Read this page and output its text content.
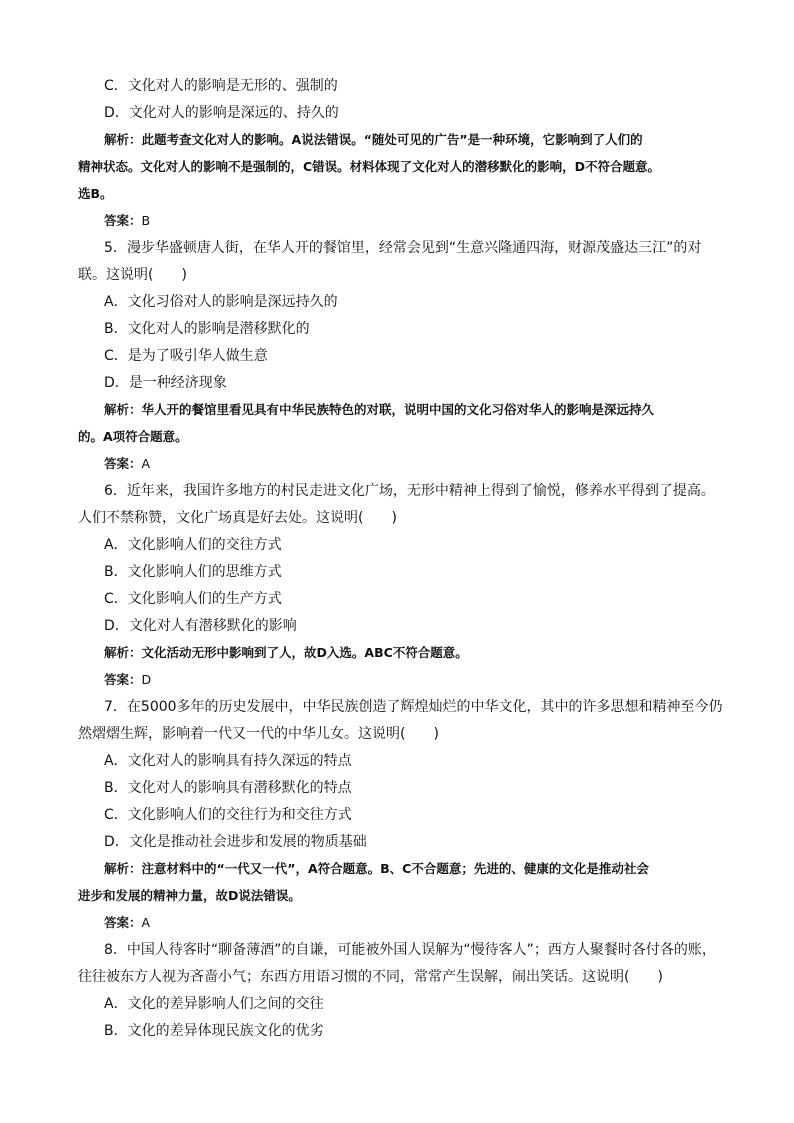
C．文化对人的影响是无形的、强制的
D．文化对人的影响是深远的、持久的
解析：此题考查文化对人的影响。A说法错误。“随处可见的广告”是一种环境，它影响到了人们的
精神状态。文化对人的影响不是强制的，C错误。材料体现了文化对人的潜移默化的影响，D不符合题意。
选B。
答案：B
5．漫步华盛顿唐人街，在华人开的餐馆里，经常会见到“生意兴隆通四海，财源茂盛达三江”的对
联。这说明(　　)
A．文化习俗对人的影响是深远持久的
B．文化对人的影响是潜移默化的
C．是为了吸引华人做生意
D．是一种经济现象
解析：华人开的餐馆里看见具有中华民族特色的对联，说明中国的文化习俗对华人的影响是深远持久
的。A项符合题意。
答案：A
6．近年来，我国许多地方的村民走进文化广场，无形中精神上得到了愉悦，修养水平得到了提高。
人们不禁称赞，文化广场真是好去处。这说明(　　)
A．文化影响人们的交往方式
B．文化影响人们的思维方式
C．文化影响人们的生产方式
D．文化对人有潜移默化的影响
解析：文化活动无形中影响到了人，故D入选。ABC不符合题意。
答案：D
7．在5000多年的历史发展中，中华民族创造了辉煌灿烂的中华文化，其中的许多思想和精神至今仍
然熠熠生辉，影响着一代又一代的中华儿女。这说明(　　)
A．文化对人的影响具有持久深远的特点
B．文化对人的影响具有潜移默化的特点
C．文化影响人们的交往行为和交往方式
D．文化是推动社会进步和发展的物质基础
解析：注意材料中的“一代又一代”，A符合题意。B、C不合题意；先进的、健康的文化是推动社会
进步和发展的精神力量，故D说法错误。
答案：A
8．中国人待客时“聊备薄酒”的自谦，可能被外国人误解为“慢待客人”；西方人聚餐时各付各的账，
往往被东方人视为吝啬小气；东西方用语习惯的不同，常常产生误解，闹出笑话。这说明(　　)
A．文化的差异影响人们之间的交往
B．文化的差异体现民族文化的优劣
